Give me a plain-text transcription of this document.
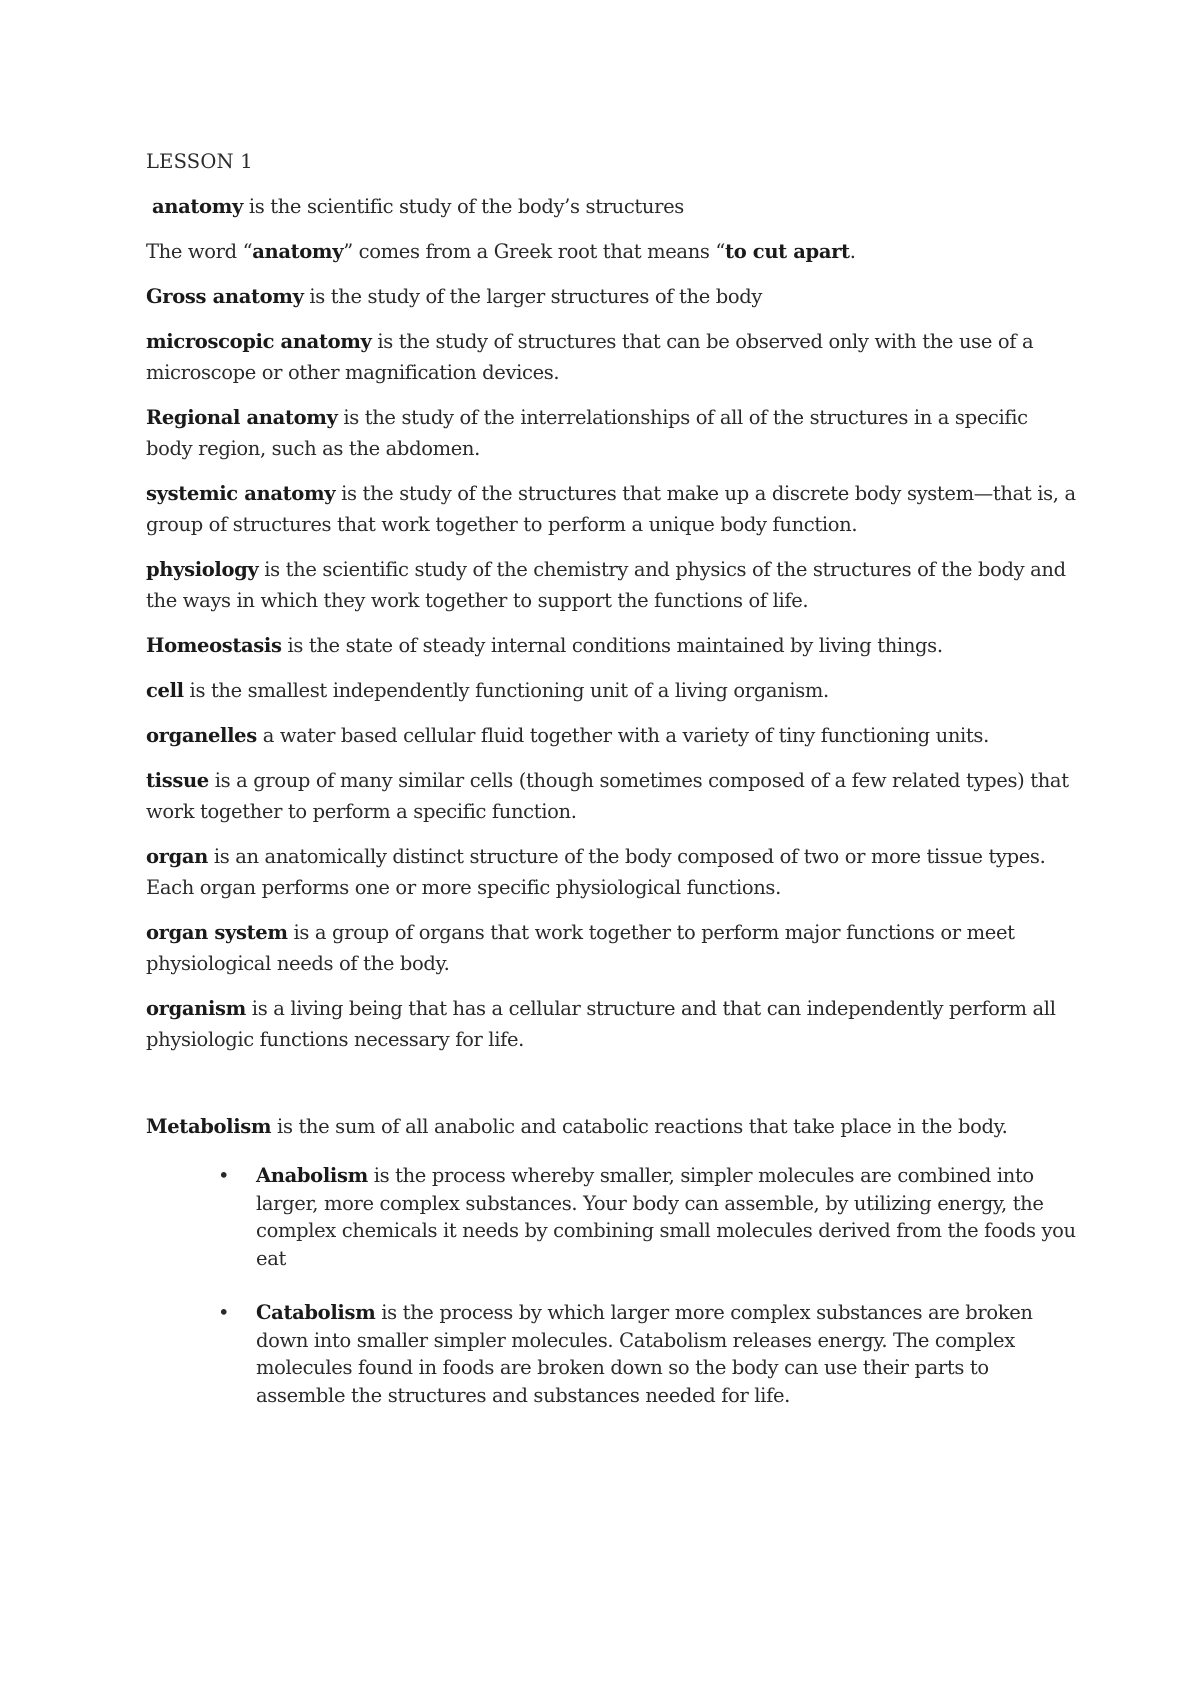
LESSON 1
anatomy is the scientific study of the body’s structures
The word “anatomy” comes from a Greek root that means “to cut apart.
Gross anatomy is the study of the larger structures of the body
microscopic anatomy is the study of structures that can be observed only with the use of a microscope or other magnification devices.
Regional anatomy is the study of the interrelationships of all of the structures in a specific body region, such as the abdomen.
systemic anatomy is the study of the structures that make up a discrete body system—that is, a group of structures that work together to perform a unique body function.
physiology is the scientific study of the chemistry and physics of the structures of the body and the ways in which they work together to support the functions of life.
Homeostasis is the state of steady internal conditions maintained by living things.
cell is the smallest independently functioning unit of a living organism.
organelles a water based cellular fluid together with a variety of tiny functioning units.
tissue is a group of many similar cells (though sometimes composed of a few related types) that work together to perform a specific function.
organ is an anatomically distinct structure of the body composed of two or more tissue types. Each organ performs one or more specific physiological functions.
organ system is a group of organs that work together to perform major functions or meet physiological needs of the body.
organism is a living being that has a cellular structure and that can independently perform all physiologic functions necessary for life.
Metabolism is the sum of all anabolic and catabolic reactions that take place in the body.
• Anabolism is the process whereby smaller, simpler molecules are combined into larger, more complex substances. Your body can assemble, by utilizing energy, the complex chemicals it needs by combining small molecules derived from the foods you eat
• Catabolism is the process by which larger more complex substances are broken down into smaller simpler molecules. Catabolism releases energy. The complex molecules found in foods are broken down so the body can use their parts to assemble the structures and substances needed for life.
